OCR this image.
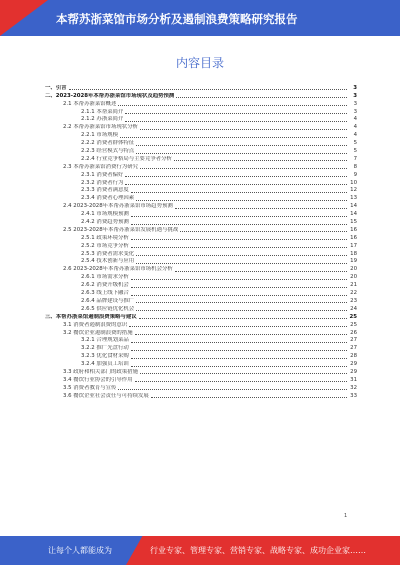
本帮苏浙菜馆市场分析及遏制浪费策略研究报告
内容目录
一、引言	3
二、2023-2028年本帮苏浙菜馆市场现状及趋势预测	3
2.1 本帮苏浙菜馆概述	3
2.1.1 本帮菜简介	3
2.1.2 苏浙菜简介	4
2.2 本帮苏浙菜馆市场现状分析	4
2.2.1 市场规模	4
2.2.2 消费者群体特征	5
2.2.3 经营模式与特点	5
2.2.4 行业竞争格局与主要竞争者分析	7
2.3 本帮苏浙菜馆消费行为研究	8
2.3.1 消费者偏好	9
2.3.2 消费者行为	10
2.3.3 消费者满意度	12
2.3.4 消费者心理因素	13
2.4 2023-2028年本帮苏浙菜馆市场趋势预测	14
2.4.1 市场规模预测	14
2.4.2 消费趋势预测	15
2.5 2023-2028年本帮苏浙菜馆发展机遇与挑战	16
2.5.1 政策环境分析	16
2.5.2 市场竞争分析	17
2.5.3 消费者需求变化	18
2.5.4 技术创新与应用	19
2.6 2023-2028年本帮苏浙菜馆市场机会分析	20
2.6.1 市场需求分析	20
2.6.2 消费升级机会	21
2.6.3 线上线下融合	22
2.6.4 品牌建设与推广	23
2.6.5 供应链优化机会	24
三、本帮苏浙菜馆遏制浪费策略与建议	25
3.1 消费者遏制浪费的意识	25
3.2 餐饮企业遏制浪费的措施	26
3.2.1 合理规划菜品	27
3.2.2 推广光盘行动	27
3.2.3 优化食材采购	28
3.2.4 加强员工培训	29
3.3 政府和相关部门的政策措施	29
3.4 餐饮行业协会的引导作用	31
3.5 消费者教育与宣传	32
3.6 餐饮企业社会责任与可持续发展	33
1
让每个人都能成为	行业专家、管理专家、营销专家、战略专家、成功企业家……
